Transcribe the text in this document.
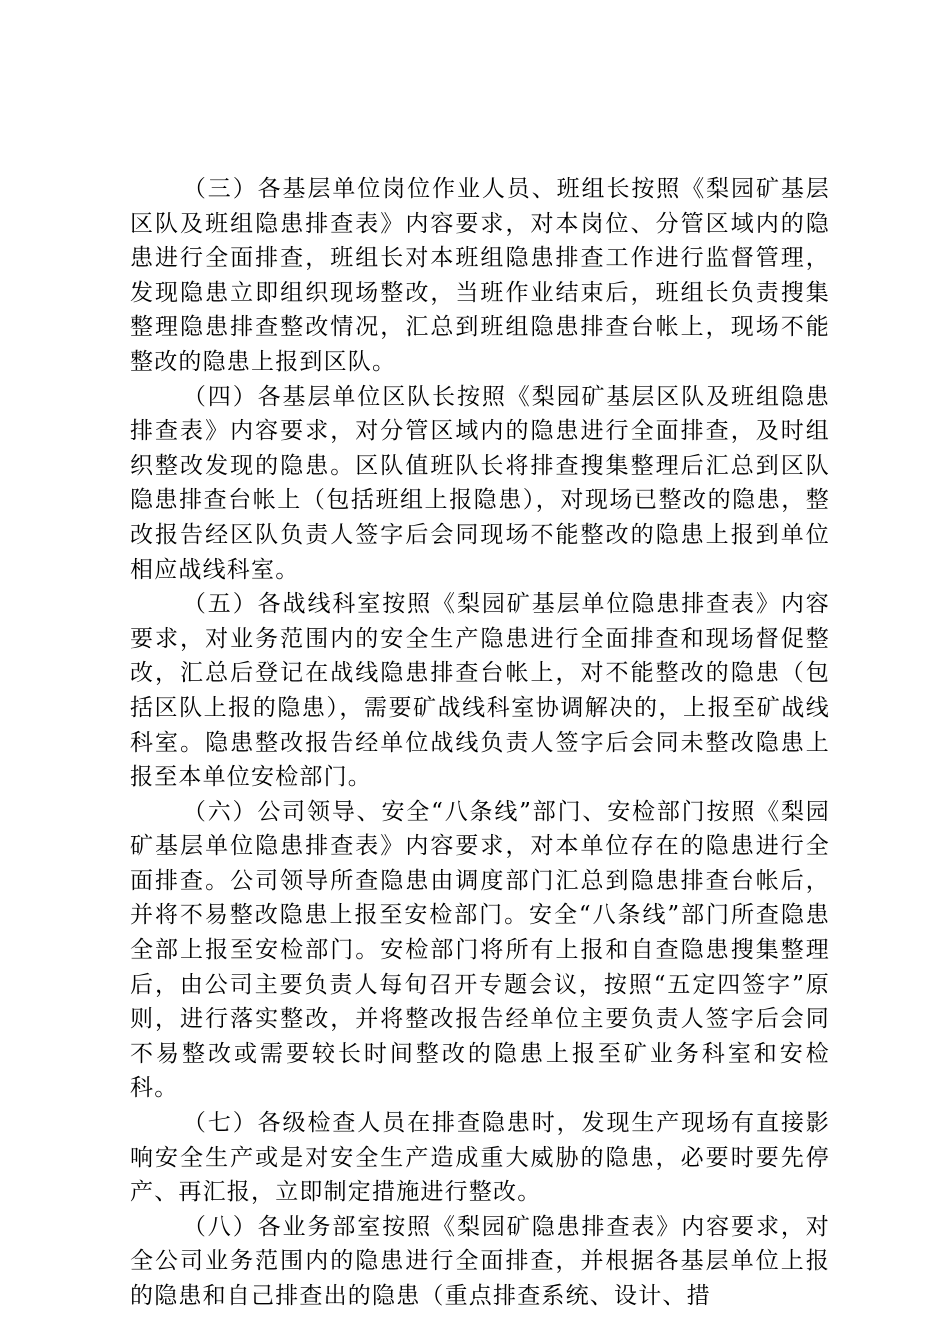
（三）各基层单位岗位作业人员、班组长按照《梨园矿基层区队及班组隐患排查表》内容要求，对本岗位、分管区域内的隐患进行全面排查，班组长对本班组隐患排查工作进行监督管理，发现隐患立即组织现场整改，当班作业结束后，班组长负责搜集整理隐患排查整改情况，汇总到班组隐患排查台帐上，现场不能整改的隐患上报到区队。

（四）各基层单位区队长按照《梨园矿基层区队及班组隐患排查表》内容要求，对分管区域内的隐患进行全面排查，及时组织整改发现的隐患。区队值班队长将排查搜集整理后汇总到区队隐患排查台帐上（包括班组上报隐患），对现场已整改的隐患，整改报告经区队负责人签字后会同现场不能整改的隐患上报到单位相应战线科室。

（五）各战线科室按照《梨园矿基层单位隐患排查表》内容要求，对业务范围内的安全生产隐患进行全面排查和现场督促整改，汇总后登记在战线隐患排查台帐上，对不能整改的隐患（包括区队上报的隐患），需要矿战线科室协调解决的，上报至矿战线科室。隐患整改报告经单位战线负责人签字后会同未整改隐患上报至本单位安检部门。

（六）公司领导、安全“八条线”部门、安检部门按照《梨园矿基层单位隐患排查表》内容要求，对本单位存在的隐患进行全面排查。公司领导所查隐患由调度部门汇总到隐患排查台帐后，并将不易整改隐患上报至安检部门。安全“八条线”部门所查隐患全部上报至安检部门。安检部门将所有上报和自查隐患搜集整理后，由公司主要负责人每旬召开专题会议，按照“五定四签字”原则，进行落实整改，并将整改报告经单位主要负责人签字后会同不易整改或需要较长时间整改的隐患上报至矿业务科室和安检科。

（七）各级检查人员在排查隐患时，发现生产现场有直接影响安全生产或是对安全生产造成重大威胁的隐患，必要时要先停产、再汇报，立即制定措施进行整改。

（八）各业务部室按照《梨园矿隐患排查表》内容要求，对全公司业务范围内的隐患进行全面排查，并根据各基层单位上报的隐患和自己排查出的隐患（重点排查系统、设计、措
